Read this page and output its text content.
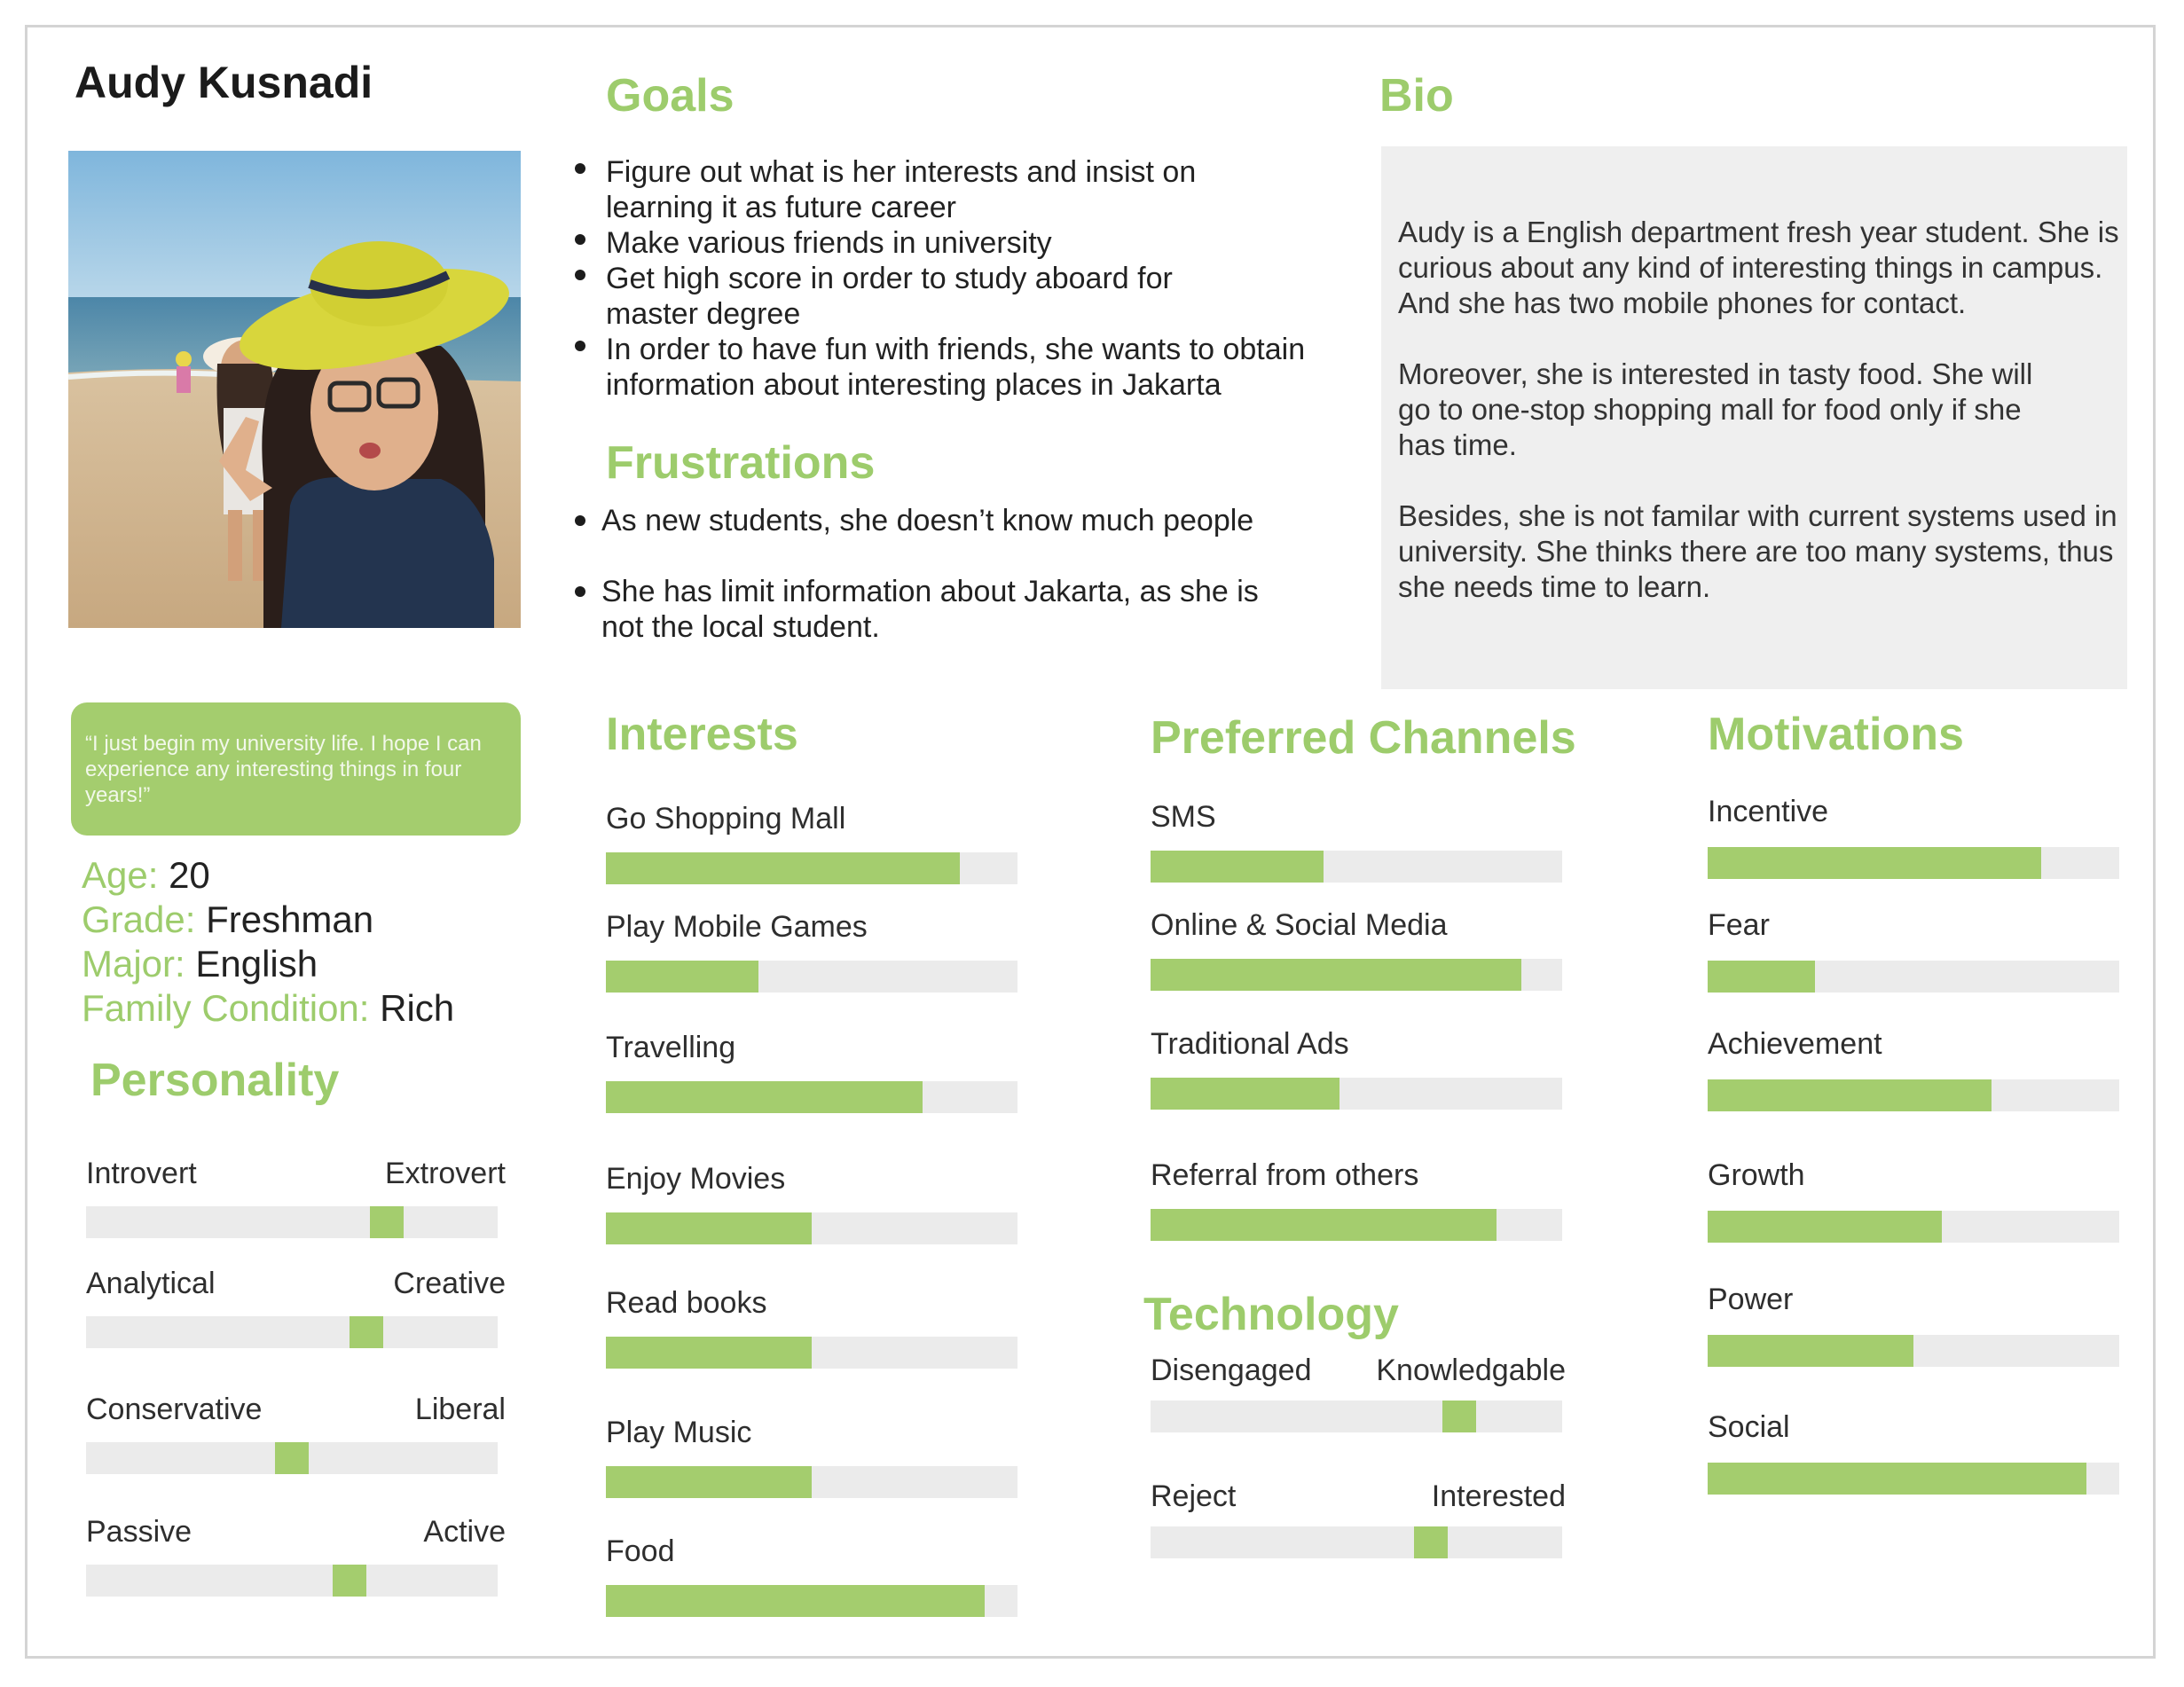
Audy Kusnadi
“I just begin my university life. I hope I can experience any interesting things in four years!”
Age: 20
Grade: Freshman
Major: English
Family Condition: Rich
Goals	Bio
Frustrations
Interests	Preferred Channels	Motivations
Technology
Personality
Figure out what is her interests and insist on learning it as future career
Make various friends in university
Get high score in order to study aboard for master degree
In order to have fun with friends, she wants to obtain information about interesting places in Jakarta
As new students, she doesn’t know much people
She has limit information about Jakarta, as she is not the local student.

Audy is a English department fresh year student. She is curious about any kind of interesting things in campus. And she has two mobile phones for contact.

Moreover, she is interested in tasty food. She will go to one-stop shopping mall for food only if she has time.

Besides, she is not familar with current systems used in university. She thinks there are too many systems, thus she needs time to learn.

Go Shopping Mall
Play Mobile Games
Travelling
Enjoy Movies
Read books
Play Music
Food
SMS
Online & Social Media
Traditional Ads
Referral from others
Incentive
Fear
Achievement
Growth
Power
Social
Disengaged Knowledgable
Reject	Interested
Introvert	Extrovert
Analytical	Creative
Conservative	Liberal
Passive	Active
